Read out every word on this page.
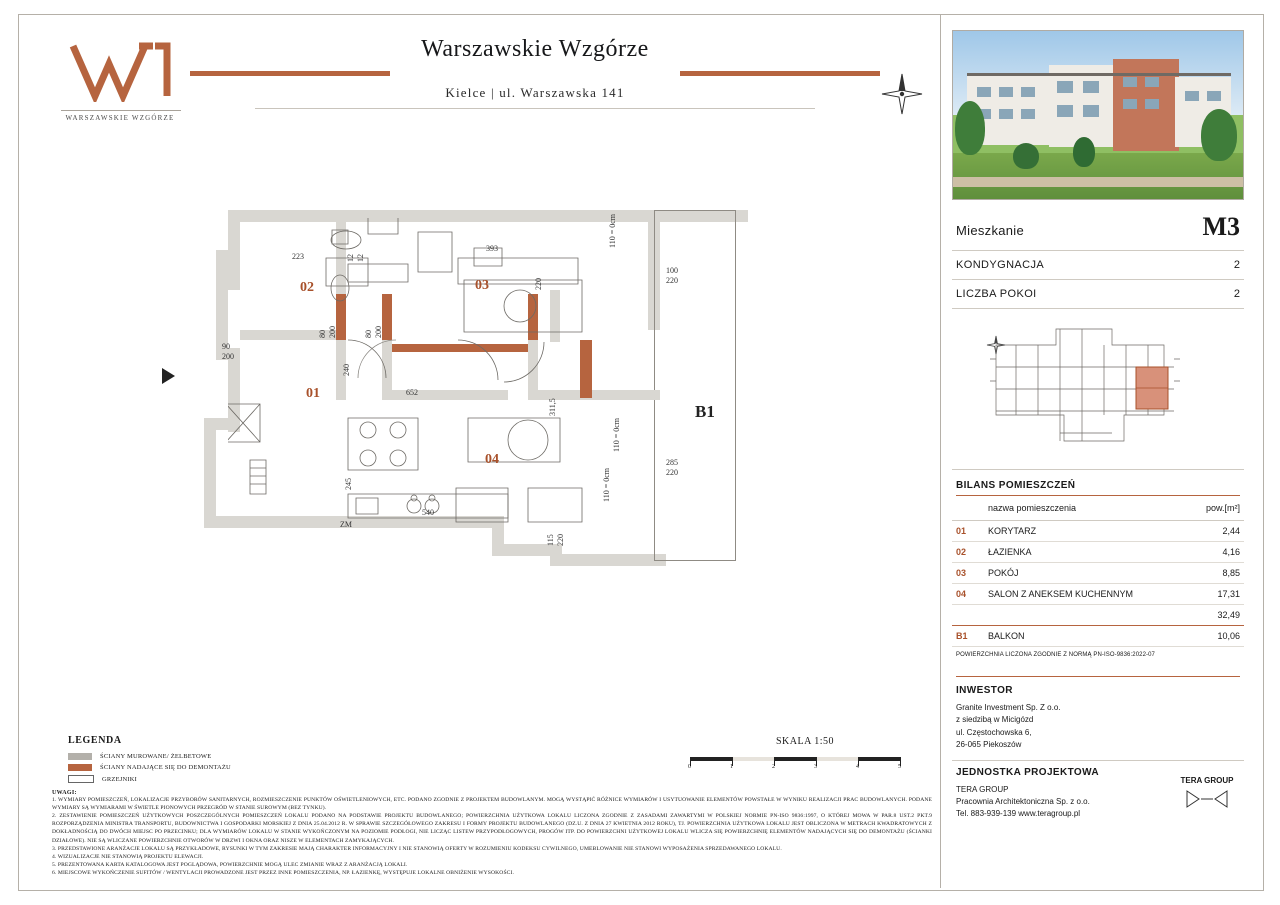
WARSZAWSKIE WZGÓRZE
Warszawskie Wzgórze
Kielce | ul. Warszawska 141
01
02	03
04
B1
223	12 12
393
220
100
220
110 = 0cm
90
200
80 200	80 200
652
240
311,5
285
220
110 = 0cm
110 = 0cm
115 220
540
245
ZM
LEGENDA
ŚCIANY MUROWANE/ ŻELBETOWE
ŚCIANY NADAJĄCE SIĘ DO DEMONTAŻU
GRZEJNIKI
SKALA 1:50
0	1	2	3	4	5
UWAGI:

1. WYMIARY POMIESZCZEŃ, LOKALIZACJE PRZYBORÓW SANITARNYCH, ROZMIESZCZENIE PUNKTÓW OŚWIETLENIOWYCH, ETC. PODANO ZGODNIE Z PROJEKTEM BUDOWLANYM. MOGĄ WYSTĄPIĆ RÓŻNICE WYMIARÓW I USYTUOWANIE ELEMENTÓW POWSTAŁE W WYNIKU REALIZACJI PRAC BUDOWLANYCH. PODANE WYMIARY SĄ WYMIARAMI W ŚWIETLE PIONOWYCH PRZEGRÓD W STANIE SUROWYM (BEZ TYNKU).

2. ZESTAWIENIE POMIESZCZEŃ UŻYTKOWYCH POSZCZEGÓLNYCH POMIESZCZEŃ LOKALU PODANO NA PODSTAWIE PROJEKTU BUDOWLANEGO; POWIERZCHNIA UŻYTKOWA LOKALU LICZONA ZGODNIE Z ZASADAMI ZAWARTYMI W POLSKIEJ NORMIE PN-ISO 9836:1997, O KTÓREJ MOWA W PAR.8 UST.2 PKT.9 ROZPORZĄDZENIA MINISTRA TRANSPORTU, BUDOWNICTWA I GOSPODARKI MORSKIEJ Z DNIA 25.04.2012 R. W SPRAWIE SZCZEGÓŁOWEGO ZAKRESU I FORMY PROJEKTU BUDOWLANEGO (DZ.U. Z DNIA 27 KWIETNIA 2012 ROKU), TJ. POWIERZCHNIA UŻYTKOWA LOKALU JEST OBLICZONA W METRACH KWADRATOWYCH Z DOKŁADNOŚCIĄ DO DWÓCH MIEJSC PO PRZECINKU; DLA WYMIARÓW LOKALU W STANIE WYKOŃCZONYM NA POZIOMIE PODŁOGI, NIE LICZĄC LISTEW PRZYPODŁOGOWYCH, PROGÓW ITP. DO POWIERZCHNI UŻYTKOWEJ LOKALU WLICZA SIĘ POWIERZCHNIĘ ELEMENTÓW NADAJĄCYCH SIĘ DO DEMONTAŻU (ŚCIANKI DZIAŁOWE). NIE SĄ WLICZANE POWIERZCHNIE OTWORÓW W DRZWI I OKNA ORAZ NISZE W ELEMENTACH ZAMYKAJĄCYCH.

3. PRZEDSTAWIONE ARANŻACJE LOKALU SĄ PRZYKŁADOWE, RYSUNKI W TYM ZAKRESIE MAJĄ CHARAKTER INFORMACYJNY I NIE STANOWIĄ OFERTY W ROZUMIENIU KODEKSU CYWILNEGO, UMEBLOWANIE NIE STANOWI WYPOSAŻENIA SPRZEDAWANEGO LOKALU.

4. WIZUALIZACJE NIE STANOWIĄ PROJEKTU ELEWACJI.

5. PREZENTOWANA KARTA KATALOGOWA JEST POGLĄDOWA, POWIERZCHNIE MOGĄ ULEC ZMIANIE WRAZ Z ARANŻACJĄ LOKALI.

6. MIEJSCOWE WYKOŃCZENIE SUFITÓW / WENTYLACJI PROWADZONE JEST PRZEZ INNE POMIESZCZENIA, NP. ŁAZIENKĘ, WYSTĘPUJE LOKALNE OBNIŻENIE WYSOKOŚCI.

Mieszkanie	M3
KONDYGNACJA	2
LICZBA POKOI	2
BILANS POMIESZCZEŃ
	nazwa pomieszczenia	pow.[m²]
01	KORYTARZ	2,44
02	ŁAZIENKA	4,16
03	POKÓJ	8,85
04	SALON Z ANEKSEM KUCHENNYM	17,31
		32,49
B1	BALKON	10,06
POWIERZCHNIA LICZONA ZGODNIE Z NORMĄ PN-ISO-9836:2022-07
INWESTOR
Granite Investment Sp. Z o.o.
z siedzibą w Micigózd
ul. Częstochowska 6,
26-065 Piekoszów
JEDNOSTKA PROJEKTOWA
TERA GROUP
Pracownia Architektoniczna Sp. z o.o.
Tel. 883-939-139 www.teragroup.pl
TERA GROUP
